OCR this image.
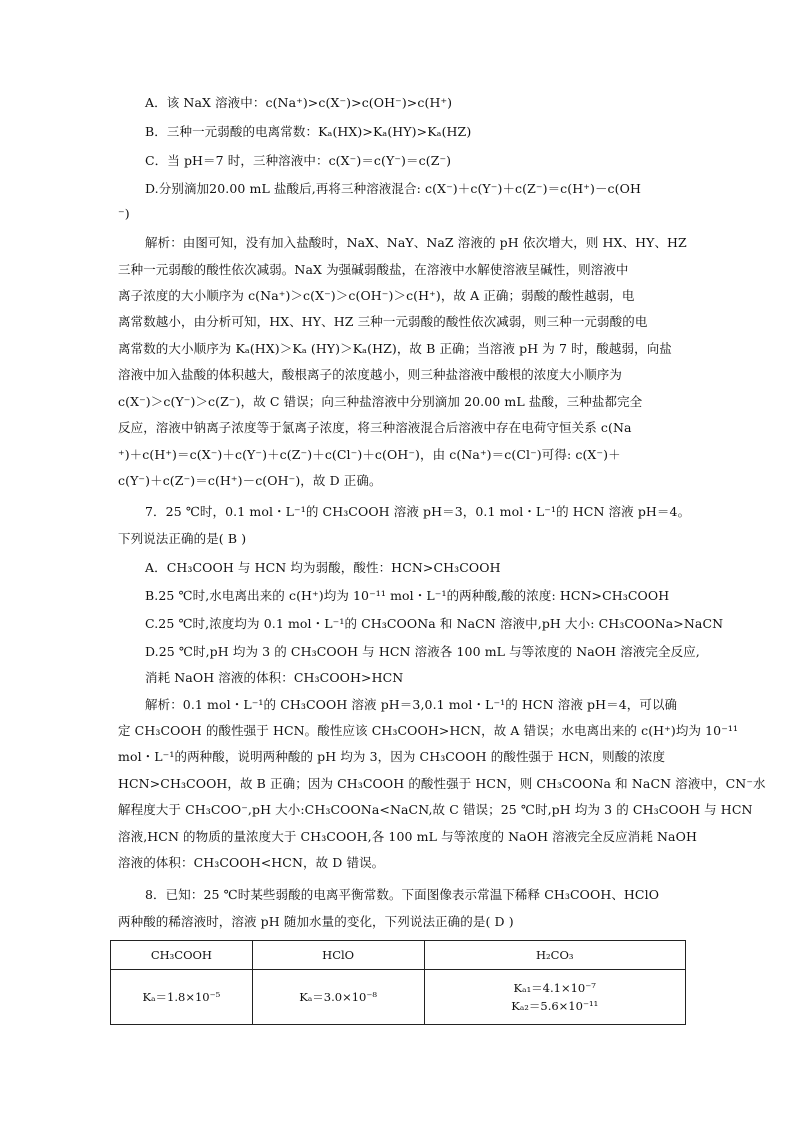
A．该 NaX 溶液中：c(Na⁺)>c(X⁻)>c(OH⁻)>c(H⁺)
B．三种一元弱酸的电离常数：Kₐ(HX)>Kₐ(HY)>Kₐ(HZ)
C．当 pH＝7 时，三种溶液中：c(X⁻)＝c(Y⁻)＝c(Z⁻)
D.分别滴加20.00 mL 盐酸后,再将三种溶液混合: c(X⁻)＋c(Y⁻)＋c(Z⁻)＝c(H⁺)－c(OH
⁻)
解析：由图可知，没有加入盐酸时，NaX、NaY、NaZ 溶液的 pH 依次增大，则 HX、HY、HZ
三种一元弱酸的酸性依次减弱。NaX 为强碱弱酸盐，在溶液中水解使溶液呈碱性，则溶液中
离子浓度的大小顺序为 c(Na⁺)＞c(X⁻)＞c(OH⁻)＞c(H⁺)，故 A 正确；弱酸的酸性越弱，电
离常数越小，由分析可知，HX、HY、HZ 三种一元弱酸的酸性依次减弱，则三种一元弱酸的电
离常数的大小顺序为 Kₐ(HX)＞Kₐ (HY)＞Kₐ(HZ)，故 B 正确；当溶液 pH 为 7 时，酸越弱，向盐
溶液中加入盐酸的体积越大，酸根离子的浓度越小，则三种盐溶液中酸根的浓度大小顺序为
c(X⁻)＞c(Y⁻)＞c(Z⁻)，故 C 错误；向三种盐溶液中分别滴加 20.00 mL 盐酸，三种盐都完全
反应，溶液中钠离子浓度等于氯离子浓度，将三种溶液混合后溶液中存在电荷守恒关系 c(Na
⁺)＋c(H⁺)＝c(X⁻)＋c(Y⁻)＋c(Z⁻)＋c(Cl⁻)＋c(OH⁻)，由 c(Na⁺)＝c(Cl⁻)可得: c(X⁻)＋
c(Y⁻)＋c(Z⁻)＝c(H⁺)－c(OH⁻)，故 D 正确。
7．25 ℃时，0.1 mol・L⁻¹的 CH₃COOH 溶液 pH＝3，0.1 mol・L⁻¹的 HCN 溶液 pH＝4。
下列说法正确的是( B )
A．CH₃COOH 与 HCN 均为弱酸，酸性：HCN>CH₃COOH
B.25 ℃时,水电离出来的 c(H⁺)均为 10⁻¹¹ mol・L⁻¹的两种酸,酸的浓度: HCN>CH₃COOH
C.25 ℃时,浓度均为 0.1 mol・L⁻¹的 CH₃COONa 和 NaCN 溶液中,pH 大小: CH₃COONa>NaCN
D.25 ℃时,pH 均为 3 的 CH₃COOH 与 HCN 溶液各 100 mL 与等浓度的 NaOH 溶液完全反应,
消耗 NaOH 溶液的体积：CH₃COOH>HCN
解析：0.1 mol・L⁻¹的 CH₃COOH 溶液 pH＝3,0.1 mol・L⁻¹的 HCN 溶液 pH＝4，可以确
定 CH₃COOH 的酸性强于 HCN。酸性应该 CH₃COOH>HCN，故 A 错误；水电离出来的 c(H⁺)均为 10⁻¹¹
mol・L⁻¹的两种酸，说明两种酸的 pH 均为 3，因为 CH₃COOH 的酸性强于 HCN，则酸的浓度
HCN>CH₃COOH，故 B 正确；因为 CH₃COOH 的酸性强于 HCN，则 CH₃COONa 和 NaCN 溶液中，CN⁻水
解程度大于 CH₃COO⁻,pH 大小:CH₃COONa<NaCN,故 C 错误；25 ℃时,pH 均为 3 的 CH₃COOH 与 HCN
溶液,HCN 的物质的量浓度大于 CH₃COOH,各 100 mL 与等浓度的 NaOH 溶液完全反应消耗 NaOH
溶液的体积：CH₃COOH<HCN，故 D 错误。
8．已知：25 ℃时某些弱酸的电离平衡常数。下面图像表示常温下稀释 CH₃COOH、HClO
两种酸的稀溶液时，溶液 pH 随加水量的变化，下列说法正确的是( D )
CH₃COOH	HClO	H₂CO₃
Kₐ＝1.8×10⁻⁵	Kₐ＝3.0×10⁻⁸	Kₐ₁＝4.1×10⁻⁷
Kₐ₂＝5.6×10⁻¹¹
